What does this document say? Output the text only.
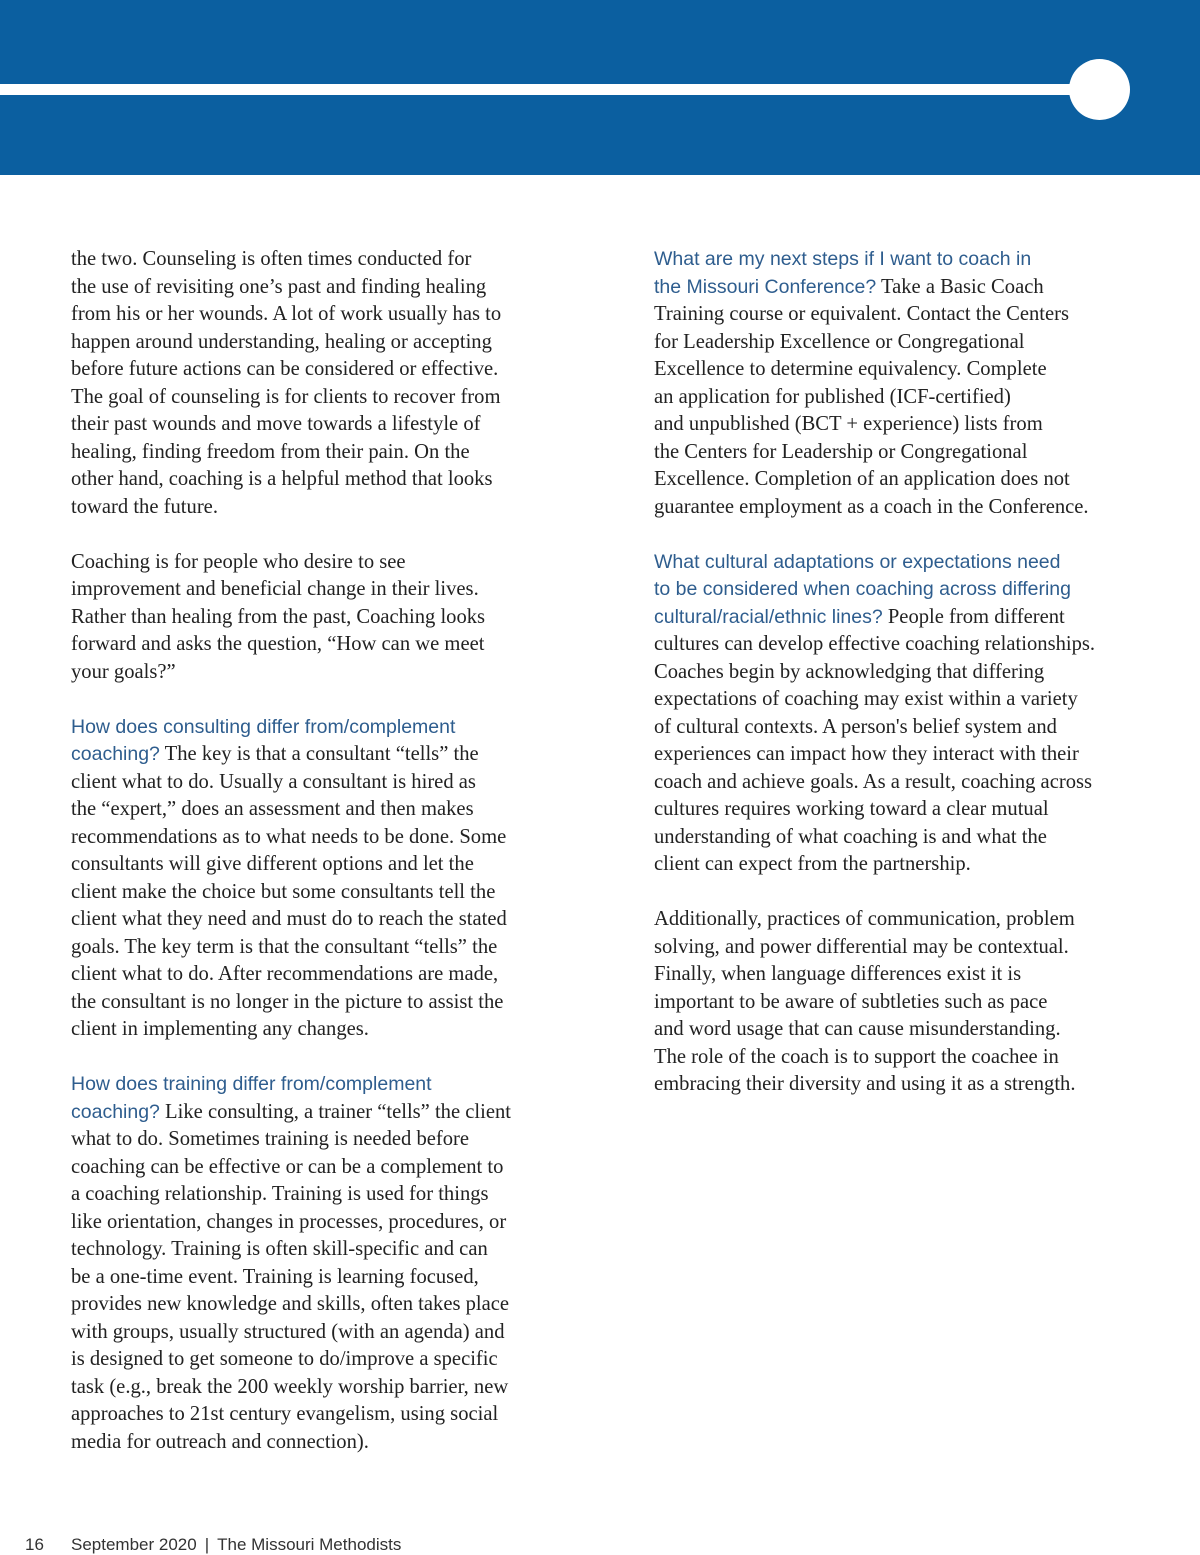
the two. Counseling is often times conducted for
the use of revisiting one’s past and finding healing
from his or her wounds. A lot of work usually has to
happen around understanding, healing or accepting
before future actions can be considered or effective.
The goal of counseling is for clients to recover from
their past wounds and move towards a lifestyle of
healing, finding freedom from their pain. On the
other hand, coaching is a helpful method that looks
toward the future.

Coaching is for people who desire to see
improvement and beneficial change in their lives.
Rather than healing from the past, Coaching looks
forward and asks the question, “How can we meet
your goals?”

How does consulting differ from/complement
coaching? The key is that a consultant “tells” the
client what to do. Usually a consultant is hired as
the “expert,” does an assessment and then makes
recommendations as to what needs to be done. Some
consultants will give different options and let the
client make the choice but some consultants tell the
client what they need and must do to reach the stated
goals. The key term is that the consultant “tells” the
client what to do. After recommendations are made,
the consultant is no longer in the picture to assist the
client in implementing any changes.

How does training differ from/complement
coaching? Like consulting, a trainer “tells” the client
what to do. Sometimes training is needed before
coaching can be effective or can be a complement to
a coaching relationship. Training is used for things
like orientation, changes in processes, procedures, or
technology. Training is often skill-specific and can
be a one-time event. Training is learning focused,
provides new knowledge and skills, often takes place
with groups, usually structured (with an agenda) and
is designed to get someone to do/improve a specific
task (e.g., break the 200 weekly worship barrier, new
approaches to 21st century evangelism, using social
media for outreach and connection).

What are my next steps if I want to coach in
the Missouri Conference? Take a Basic Coach
Training course or equivalent. Contact the Centers
for Leadership Excellence or Congregational
Excellence to determine equivalency. Complete
an application for published (ICF-certified)
and unpublished (BCT + experience) lists from
the Centers for Leadership or Congregational
Excellence. Completion of an application does not
guarantee employment as a coach in the Conference.

What cultural adaptations or expectations need
to be considered when coaching across differing
cultural/racial/ethnic lines? People from different
cultures can develop effective coaching relationships.
Coaches begin by acknowledging that differing
expectations of coaching may exist within a variety
of cultural contexts. A person's belief system and
experiences can impact how they interact with their
coach and achieve goals. As a result, coaching across
cultures requires working toward a clear mutual
understanding of what coaching is and what the
client can expect from the partnership.

Additionally, practices of communication, problem
solving, and power differential may be contextual.
Finally, when language differences exist it is
important to be aware of subtleties such as pace
and word usage that can cause misunderstanding.
The role of the coach is to support the coachee in
embracing their diversity and using it as a strength.

16 September 2020 | The Missouri Methodists
